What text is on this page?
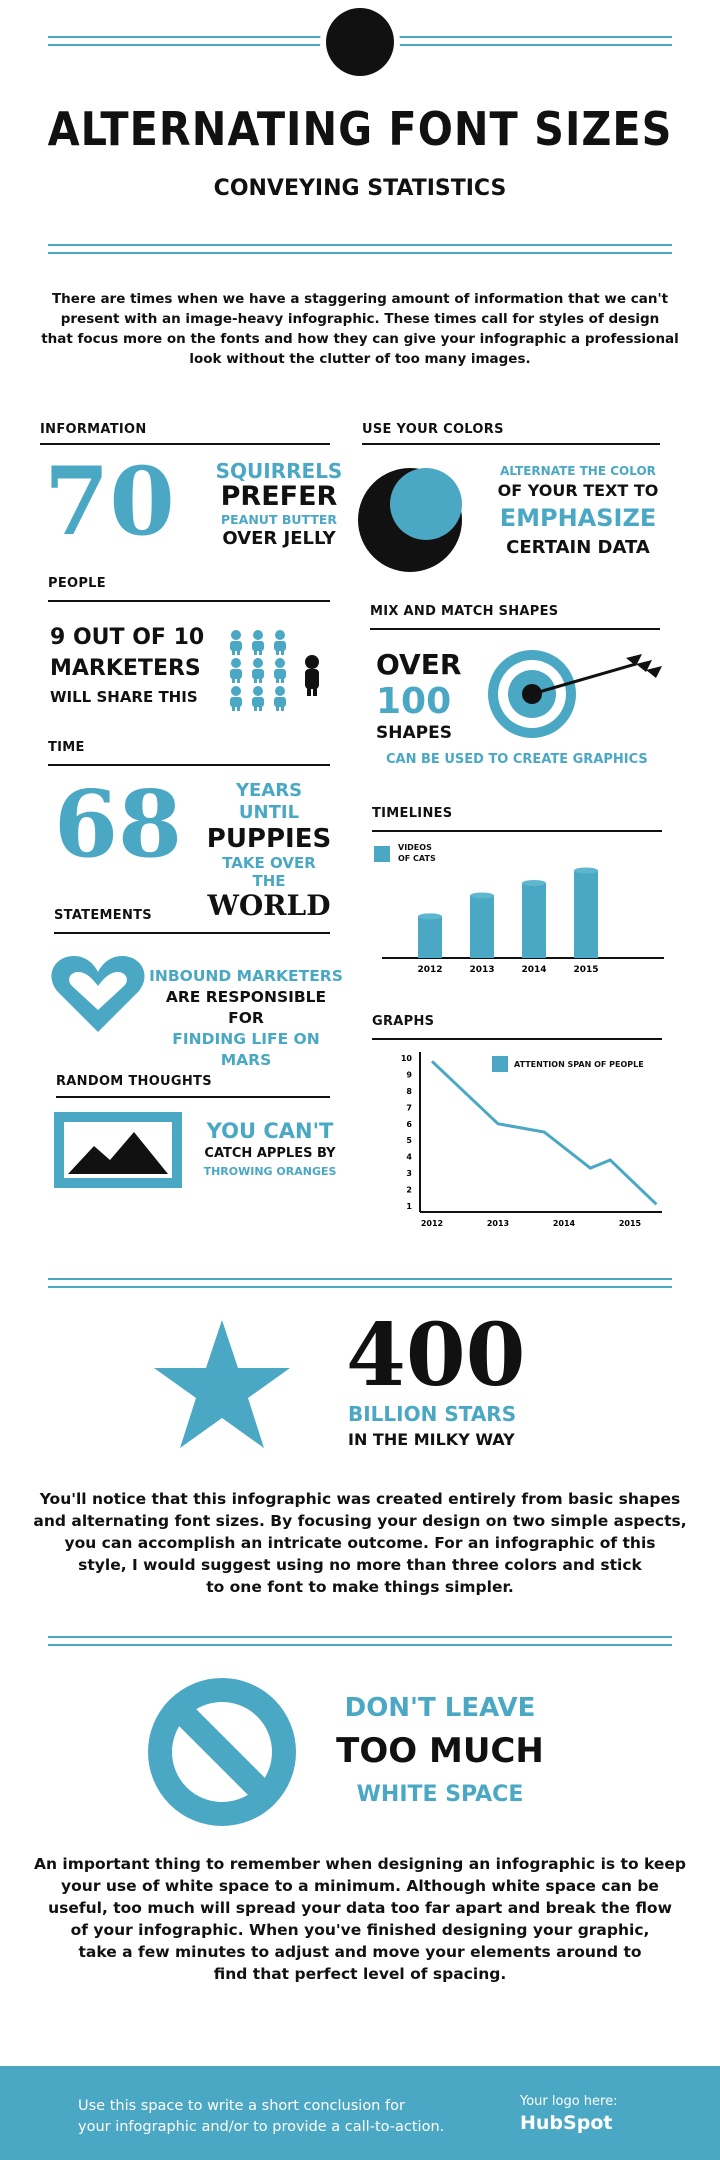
ALTERNATING FONT SIZES
CONVEYING STATISTICS
There are times when we have a staggering amount of information that we can't
present with an image-heavy infographic. These times call for styles of design
that focus more on the fonts and how they can give your infographic a professional
look without the clutter of too many images.
INFORMATION
70 SQUIRRELS
PREFER
PEANUT BUTTER
OVER JELLY
PEOPLE
9 OUT OF 10
MARKETERS
WILL SHARE THIS
TIME
68	YEARS UNTIL
PUPPIES
TAKE OVER THE
WORLD
STATEMENTS
INBOUND MARKETERS
ARE RESPONSIBLE FOR
FINDING LIFE ON MARS
RANDOM THOUGHTS
YOU CAN'T
CATCH APPLES BY
THROWING ORANGES
USE YOUR COLORS
ALTERNATE THE COLOR
OF YOUR TEXT TO
EMPHASIZE
CERTAIN DATA
MIX AND MATCH SHAPES
OVER
100
SHAPES
CAN BE USED TO CREATE GRAPHICS
TIMELINES
VIDEOS
OF CATS
2012	2013	2014	2015
GRAPHS
ATTENTION SPAN OF PEOPLE
1
2
3
4
5
6
7
8
9
10
2012	2013	2014	2015
400
BILLION STARS
IN THE MILKY WAY
You'll notice that this infographic was created entirely from basic shapes
and alternating font sizes. By focusing your design on two simple aspects,
you can accomplish an intricate outcome. For an infographic of this
style, I would suggest using no more than three colors and stick
to one font to make things simpler.
DON'T LEAVE
TOO MUCH
WHITE SPACE
An important thing to remember when designing an infographic is to keep
your use of white space to a minimum. Although white space can be
useful, too much will spread your data too far apart and break the flow
of your infographic. When you've finished designing your graphic,
take a few minutes to adjust and move your elements around to
find that perfect level of spacing.
Use this space to write a short conclusion for
your infographic and/or to provide a call-to-action.
Your logo here:
HubSpot
